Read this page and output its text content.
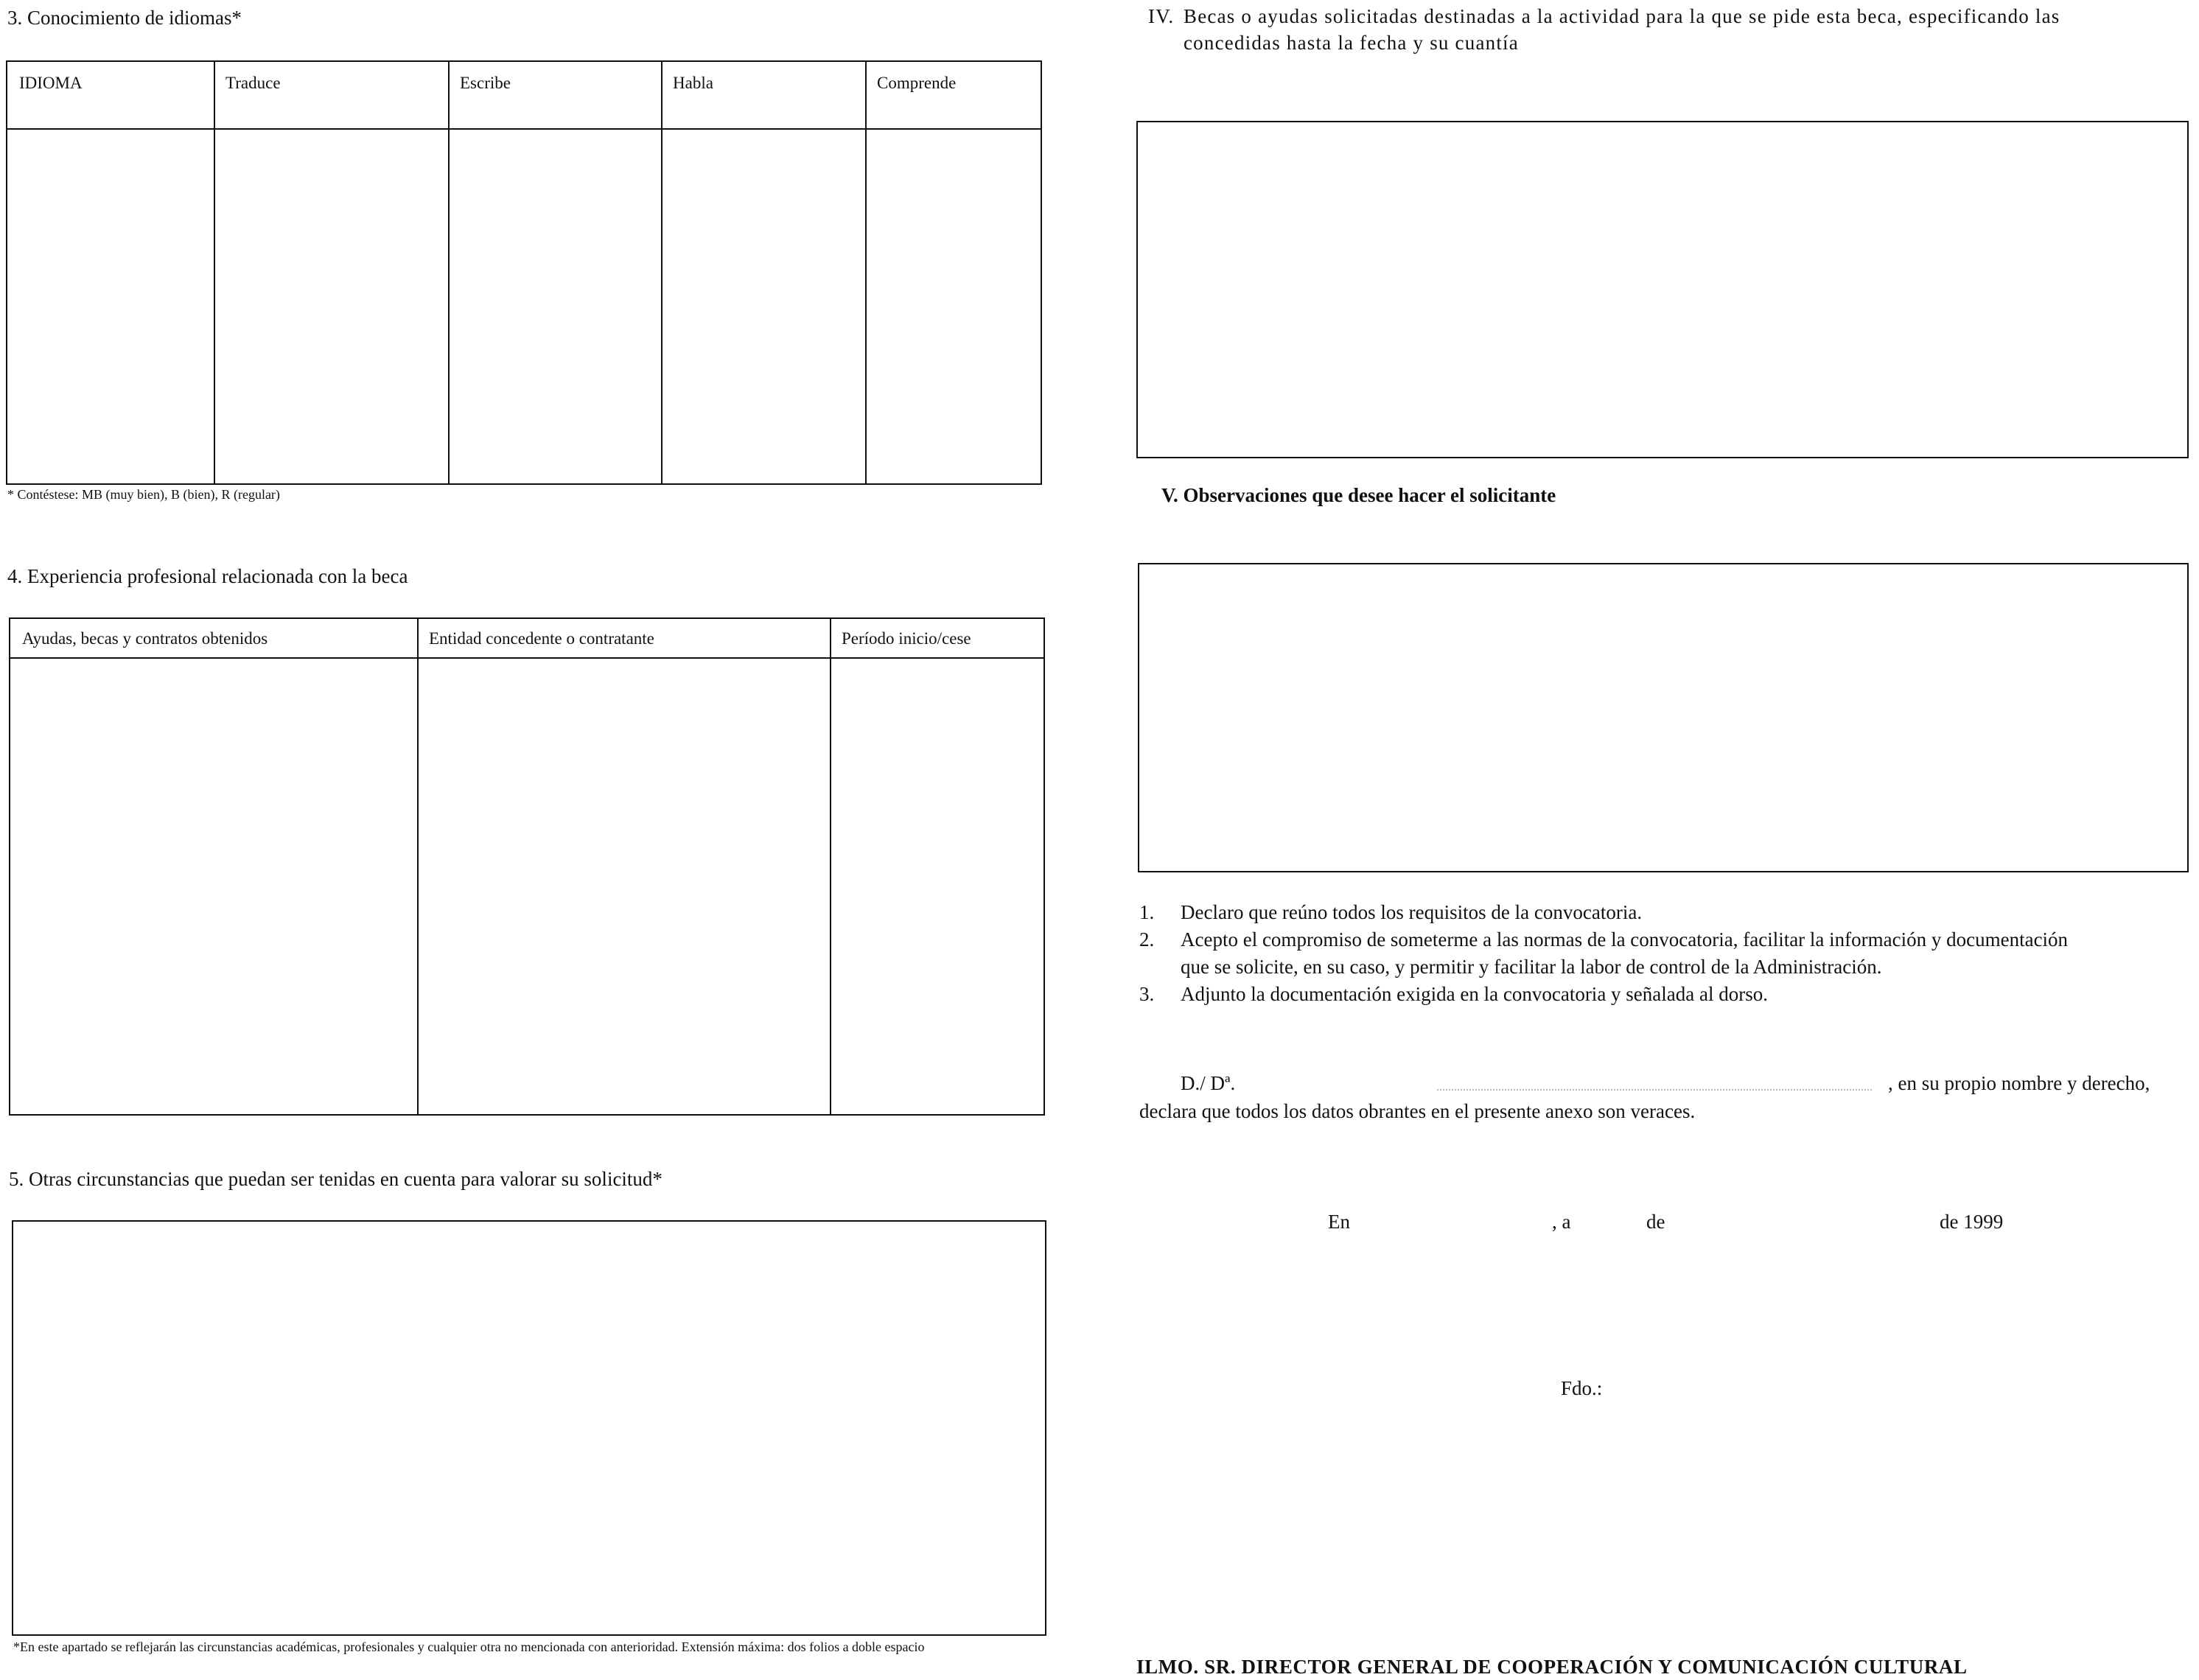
3. Conocimiento de idiomas*
IDIOMA	Traduce	Escribe	Habla	Comprende
* Contéstese: MB (muy bien), B (bien), R (regular)
4. Experiencia profesional relacionada con la beca
Ayudas, becas y contratos obtenidos	Entidad concedente o contratante	Período inicio/cese
5. Otras circunstancias que puedan ser tenidas en cuenta para valorar su solicitud*
*En este apartado se reflejarán las circunstancias académicas, profesionales y cualquier otra no mencionada con anterioridad. Extensión máxima: dos folios a doble espacio
IV. Becas o ayudas solicitadas destinadas a la actividad para la que se pide esta beca, especificando las
concedidas hasta la fecha y su cuantía
V. Observaciones que desee hacer el solicitante
1. Declaro que reúno todos los requisitos de la convocatoria.
2. Acepto el compromiso de someterme a las normas de la convocatoria, facilitar la información y documentación
que se solicite, en su caso, y permitir y facilitar la labor de control de la Administración.
3. Adjunto la documentación exigida en la convocatoria y señalada al dorso.
D./ Dª.	, en su propio nombre y derecho,
declara que todos los datos obrantes en el presente anexo son veraces.
En	, a	de	de 1999
Fdo.:
ILMO. SR. DIRECTOR GENERAL DE COOPERACIÓN Y COMUNICACIÓN CULTURAL
